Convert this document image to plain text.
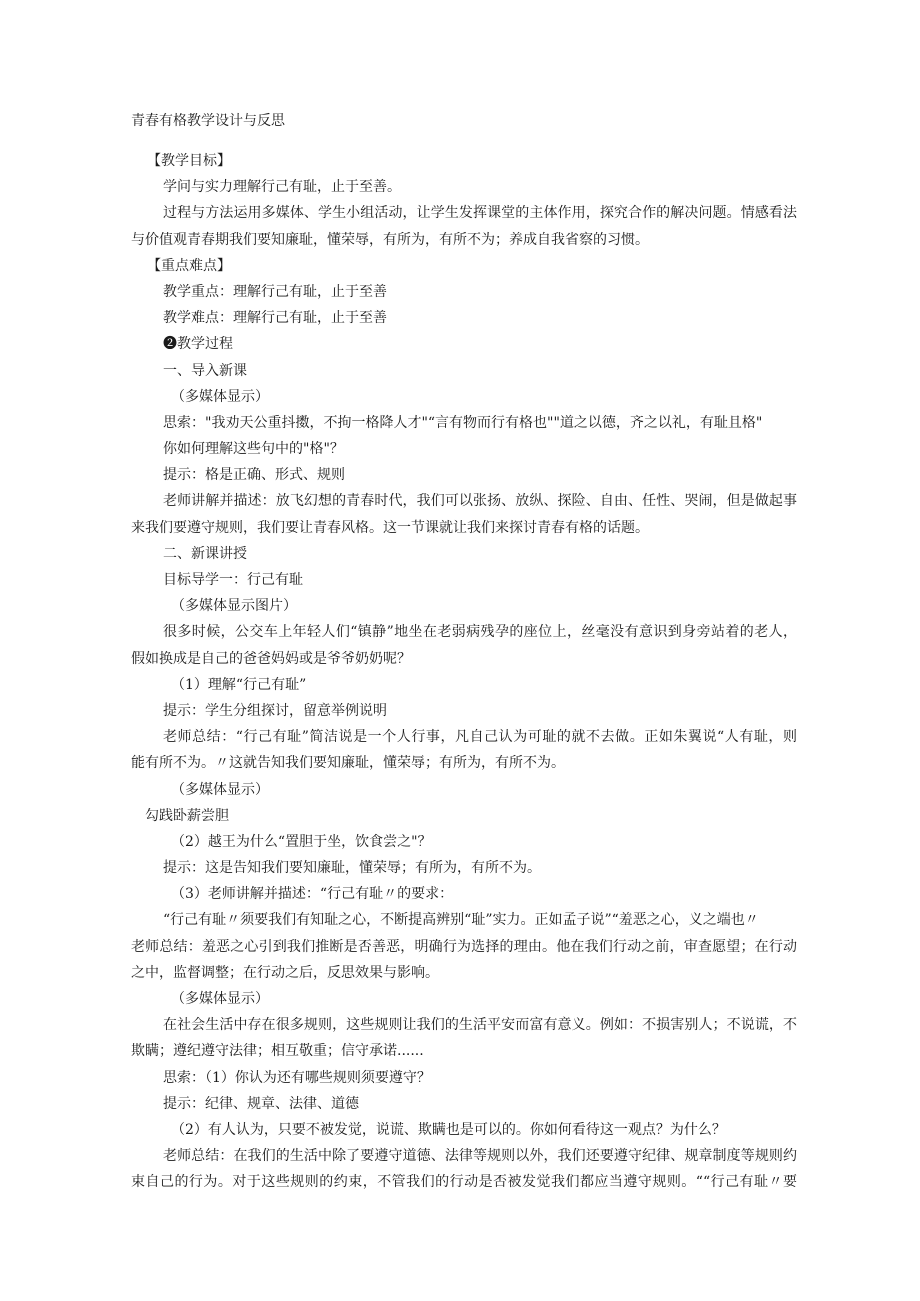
青春有格教学设计与反思
【教学目标】
学问与实力理解行己有耻，止于至善。
过程与方法运用多媒体、学生小组活动，让学生发挥课堂的主体作用，探究合作的解决问题。情感看法
与价值观青春期我们要知廉耻，懂荣辱，有所为，有所不为；养成自我省察的习惯。
【重点难点】
教学重点：理解行己有耻，止于至善
教学难点：理解行己有耻，止于至善
❷教学过程
一、导入新课
（多媒体显示）
思索："我劝天公重抖擞，不拘一格降人才"“言有物而行有格也""道之以德，齐之以礼，有耻且格"
你如何理解这些句中的"格"？
提示：格是正确、形式、规则
老师讲解并描述：放飞幻想的青春时代，我们可以张扬、放纵、探险、自由、任性、哭闹，但是做起事
来我们要遵守规则，我们要让青春风格。这一节课就让我们来探讨青春有格的话题。
二、新课讲授
目标导学一：行己有耻
（多媒体显示图片）
很多时候，公交车上年轻人们“镇静”地坐在老弱病残孕的座位上，丝毫没有意识到身旁站着的老人，
假如换成是自己的爸爸妈妈或是爷爷奶奶呢？
（1）理解“行己有耻”
提示：学生分组探讨，留意举例说明
老师总结：“行己有耻”简洁说是一个人行事，凡自己认为可耻的就不去做。正如朱翼说“人有耻，则
能有所不为。〃这就告知我们要知廉耻，懂荣辱；有所为，有所不为。
（多媒体显示）
勾践卧薪尝胆
（2）越王为什么“置胆于坐，饮食尝之"？
提示：这是告知我们要知廉耻，懂荣辱；有所为，有所不为。
（3）老师讲解并描述：“行己有耻〃的要求：
“行己有耻〃须要我们有知耻之心，不断提高辨别“耻”实力。正如孟子说”“羞恶之心，义之端也〃
老师总结：羞恶之心引到我们推断是否善恶，明确行为选择的理由。他在我们行动之前，审查愿望；在行动
之中，监督调整；在行动之后，反思效果与影响。
（多媒体显示）
在社会生活中存在很多规则，这些规则让我们的生活平安而富有意义。例如：不损害别人；不说谎，不
欺瞒；遵纪遵守法律；相互敬重；信守承诺......
思索：（1）你认为还有哪些规则须要遵守？
提示：纪律、规章、法律、道德
（2）有人认为，只要不被发觉，说谎、欺瞒也是可以的。你如何看待这一观点？为什么？
老师总结：在我们的生活中除了要遵守道德、法律等规则以外，我们还要遵守纪律、规章制度等规则约
束自己的行为。对于这些规则的约束，不管我们的行动是否被发觉我们都应当遵守规则。““行己有耻〃要
